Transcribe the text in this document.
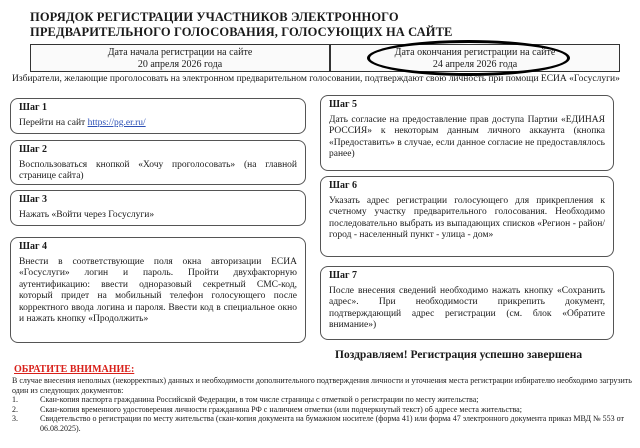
ПОРЯДОК РЕГИСТРАЦИИ УЧАСТНИКОВ ЭЛЕКТРОННОГО
ПРЕДВАРИТЕЛЬНОГО ГОЛОСОВАНИЯ, ГОЛОСУЮЩИХ НА САЙТЕ
Дата начала регистрации на сайте
20 апреля 2026 года
Дата окончания регистрации на сайте
24 апреля 2026 года
Избиратели, желающие проголосовать на электронном предварительном голосовании, подтверждают свою личность при помощи ЕСИА «Госуслуги»
Шаг 1
Перейти на сайт https://pg.er.ru/
Шаг 2
Воспользоваться кнопкой «Хочу проголосовать» (на главной странице сайта)
Шаг 3
Нажать «Войти через Госуслуги»
Шаг 4
Внести в соответствующие поля окна авторизации ЕСИА «Госуслуги» логин и пароль. Пройти двухфакторную аутентификацию: ввести одноразовый секретный СМС-код, который придет на мобильный телефон голосующего после корректного ввода логина и пароля. Ввести код в специальное окно и нажать кнопку «Продолжить»
Шаг 5
Дать согласие на предоставление прав доступа Партии «ЕДИНАЯ РОССИЯ» к некоторым данным личного аккаунта (кнопка «Предоставить» в случае, если данное согласие не предоставлялось ранее)
Шаг 6
Указать адрес регистрации голосующего для прикрепления к счетному участку предварительного голосования. Необходимо последовательно выбрать из выпадающих списков «Регион - район/город - населенный пункт - улица - дом»
Шаг 7
После внесения сведений необходимо нажать кнопку «Сохранить адрес». При необходимости прикрепить документ, подтверждающий адрес регистрации (см. блок «Обратите внимание»)
Поздравляем! Регистрация успешно завершена
ОБРАТИТЕ ВНИМАНИЕ:
В случае внесения неполных (некорректных) данных и необходимости дополнительного подтверждения личности и уточнения места регистрации избирателю необходимо загрузить один из следующих документов:
1.	Скан-копия паспорта гражданина Российской Федерации, в том числе страницы с отметкой о регистрации по месту жительства;
2.	Скан-копия временного удостоверения личности гражданина РФ с наличием отметки (или подчеркнутый текст) об адресе места жительства;
3.	Свидетельство о регистрации по месту жительства (скан-копия документа на бумажном носителе (форма 41) или форма 47 электронного документа приказ МВД № 553 от 06.08.2025).
